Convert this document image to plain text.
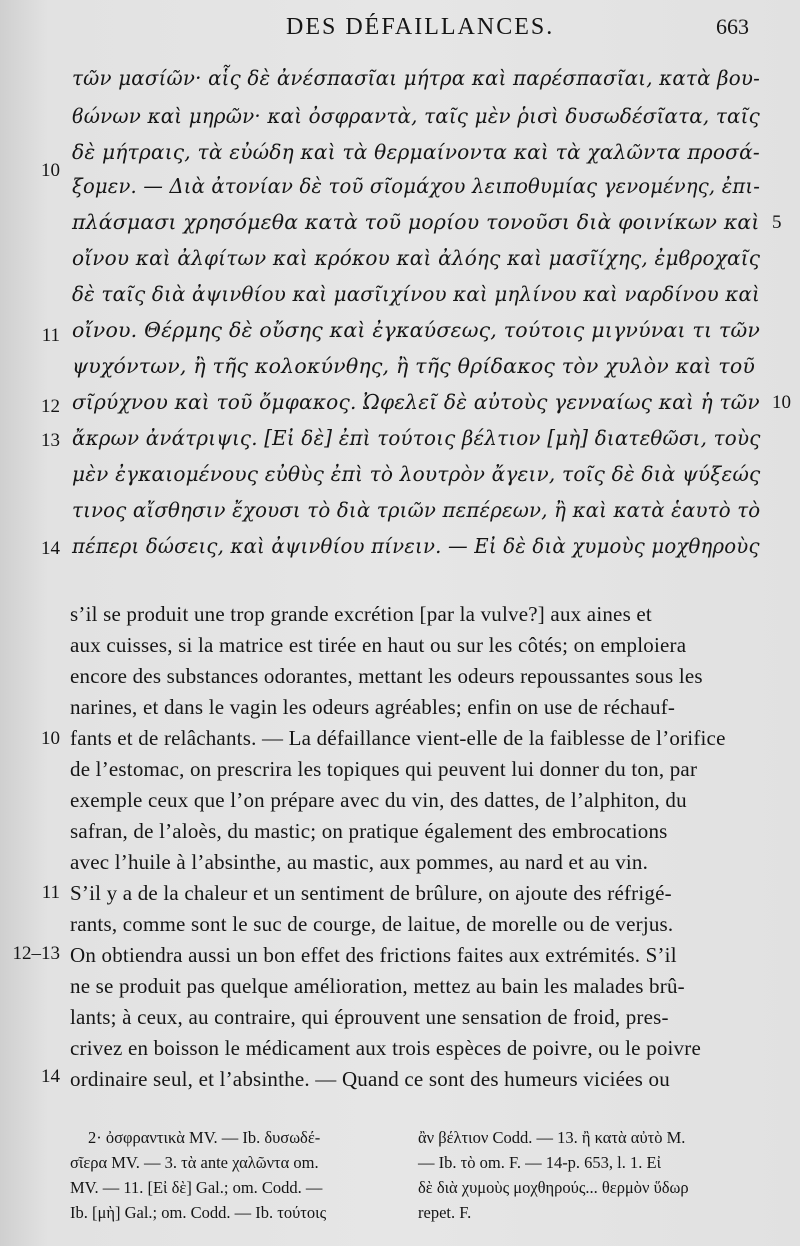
DES DÉFAILLANCES.	663
τῶν μασίῶν· αἷς δὲ ἀνέσπασῖαι μήτρα καὶ παρέσπασῖαι, κατὰ βου-
ϐώνων καὶ μηρῶν· καὶ ὀσφραντὰ, ταῖς μὲν ῥισὶ δυσωδέσῖατα, ταῖς
δὲ μήτραις, τὰ εὐώδη καὶ τὰ θερμαίνοντα καὶ τὰ χαλῶντα προσά-
10
ξομεν. — Διὰ ἀτονίαν δὲ τοῦ σῖομάχου λειποθυμίας γενομένης, ἐπι-
πλάσμασι χρησόμεθα κατὰ τοῦ μορίου τονοῦσι διὰ φοινίκων καὶ 5
οἴνου καὶ ἀλφίτων καὶ κρόκου καὶ ἀλόης καὶ μασῖίχης, ἐμϐροχαῖς
δὲ ταῖς διὰ ἀψινθίου καὶ μασῖιχίνου καὶ μηλίνου καὶ ναρδίνου καὶ
11 οἴνου. Θέρμης δὲ οὔσης καὶ ἐγκαύσεως, τούτοις μιγνύναι τι τῶν
ψυχόντων, ἢ τῆς κολοκύνθης, ἢ τῆς θρίδακος τὸν χυλὸν καὶ τοῦ
12 σῖρύχνου καὶ τοῦ ὄμφακος. Ὠφελεῖ δὲ αὐτοὺς γενναίως καὶ ἡ τῶν 10
13 ἄκρων ἀνάτριψις. [Εἰ δὲ] ἐπὶ τούτοις βέλτιον [μὴ] διατεθῶσι, τοὺς
μὲν ἐγκαιομένους εὐθὺς ἐπὶ τὸ λουτρὸν ἄγειν, τοῖς δὲ διὰ ψύξεώς
τινος αἴσθησιν ἔχουσι τὸ διὰ τριῶν πεπέρεων, ἢ καὶ κατὰ ἑαυτὸ τὸ
14 πέπερι δώσεις, καὶ ἀψινθίου πίνειν. — Εἰ δὲ διὰ χυμοὺς μοχθηροὺς
s’il se produit une trop grande excrétion [par la vulve?] aux aines et
aux cuisses, si la matrice est tirée en haut ou sur les côtés; on emploiera
encore des substances odorantes, mettant les odeurs repoussantes sous les
narines, et dans le vagin les odeurs agréables; enfin on use de réchauf-
10 fants et de relâchants. — La défaillance vient-elle de la faiblesse de l’orifice
de l’estomac, on prescrira les topiques qui peuvent lui donner du ton, par
exemple ceux que l’on prépare avec du vin, des dattes, de l’alphiton, du
safran, de l’aloès, du mastic; on pratique également des embrocations
avec l’huile à l’absinthe, au mastic, aux pommes, au nard et au vin.
11 S’il y a de la chaleur et un sentiment de brûlure, on ajoute des réfrigé-
rants, comme sont le suc de courge, de laitue, de morelle ou de verjus.
12–13 On obtiendra aussi un bon effet des frictions faites aux extrémités. S’il
ne se produit pas quelque amélioration, mettez au bain les malades brû-
lants; à ceux, au contraire, qui éprouvent une sensation de froid, pres-
crivez en boisson le médicament aux trois espèces de poivre, ou le poivre
14 ordinaire seul, et l’absinthe. — Quand ce sont des humeurs viciées ou
2· ὀσφραντικὰ MV. — Ib. δυσωδέ-
σῖερα MV. — 3. τὰ ante χαλῶντα om.
MV. — 11. [Εἰ δὲ] Gal.; om. Codd. —
Ib. [μὴ] Gal.; om. Codd. — Ib. τούτοις
ἂν βέλτιον Codd. — 13. ἢ κατὰ αὐτὸ M.
— Ib. τὸ om. F. — 14-p. 653, l. 1. Εἰ
δὲ διὰ χυμοὺς μοχθηρούς... θερμὸν ὕδωρ
repet. F.
